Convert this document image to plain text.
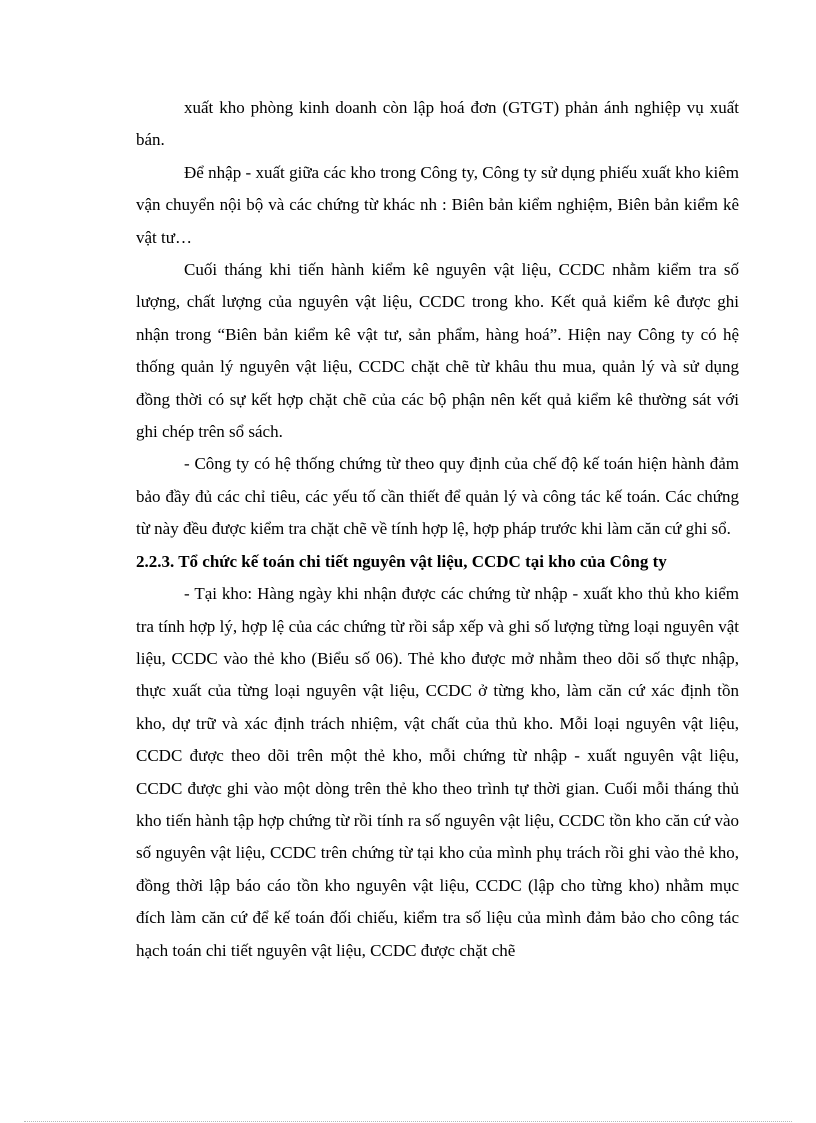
xuất kho phòng kinh doanh còn lập hoá đơn (GTGT) phản ánh nghiệp vụ xuất bán.

Để nhập - xuất giữa các kho trong Công ty, Công ty sử dụng phiếu xuất kho kiêm vận chuyển nội bộ và các chứng từ khác nh : Biên bản kiểm nghiệm, Biên bản kiểm kê vật tư…

Cuối tháng khi tiến hành kiểm kê nguyên vật liệu, CCDC nhằm kiểm tra số lượng, chất lượng của nguyên vật liệu, CCDC trong kho. Kết quả kiểm kê được ghi nhận trong “Biên bản kiểm kê vật tư, sản phẩm, hàng hoá”. Hiện nay Công ty có hệ thống quản lý nguyên vật liệu, CCDC chặt chẽ từ khâu thu mua, quản lý và sử dụng đồng thời có sự kết hợp chặt chẽ của các bộ phận nên kết quả kiểm kê thường sát với ghi chép trên sổ sách.

- Công ty có hệ thống chứng từ theo quy định của chế độ kế toán hiện hành đảm bảo đầy đủ các chỉ tiêu, các yếu tố cần thiết để quản lý và công tác kế toán. Các chứng từ này đều được kiểm tra chặt chẽ về tính hợp lệ, hợp pháp trước khi làm căn cứ ghi sổ.

2.2.3. Tổ chức kế toán chi tiết nguyên vật liệu, CCDC tại kho của Công ty

- Tại kho: Hàng ngày khi nhận được các chứng từ nhập - xuất kho thủ kho kiểm tra tính hợp lý, hợp lệ của các chứng từ rồi sắp xếp và ghi số lượng từng loại nguyên vật liệu, CCDC vào thẻ kho (Biểu số 06). Thẻ kho được mở nhằm theo dõi số thực nhập, thực xuất của từng loại nguyên vật liệu, CCDC ở từng kho, làm căn cứ xác định tồn kho, dự trữ và xác định trách nhiệm, vật chất của thủ kho. Mỗi loại nguyên vật liệu, CCDC được theo dõi trên một thẻ kho, mỗi chứng từ nhập - xuất nguyên vật liệu, CCDC được ghi vào một dòng trên thẻ kho theo trình tự thời gian. Cuối mỗi tháng thủ kho tiến hành tập hợp chứng từ rồi tính ra số nguyên vật liệu, CCDC tồn kho căn cứ vào số nguyên vật liệu, CCDC trên chứng từ tại kho của mình phụ trách rồi ghi vào thẻ kho, đồng thời lập báo cáo tồn kho nguyên vật liệu, CCDC (lập cho từng kho) nhằm mục đích làm căn cứ để kế toán đối chiếu, kiểm tra số liệu của mình đảm bảo cho công tác hạch toán chi tiết nguyên vật liệu, CCDC được chặt chẽ
